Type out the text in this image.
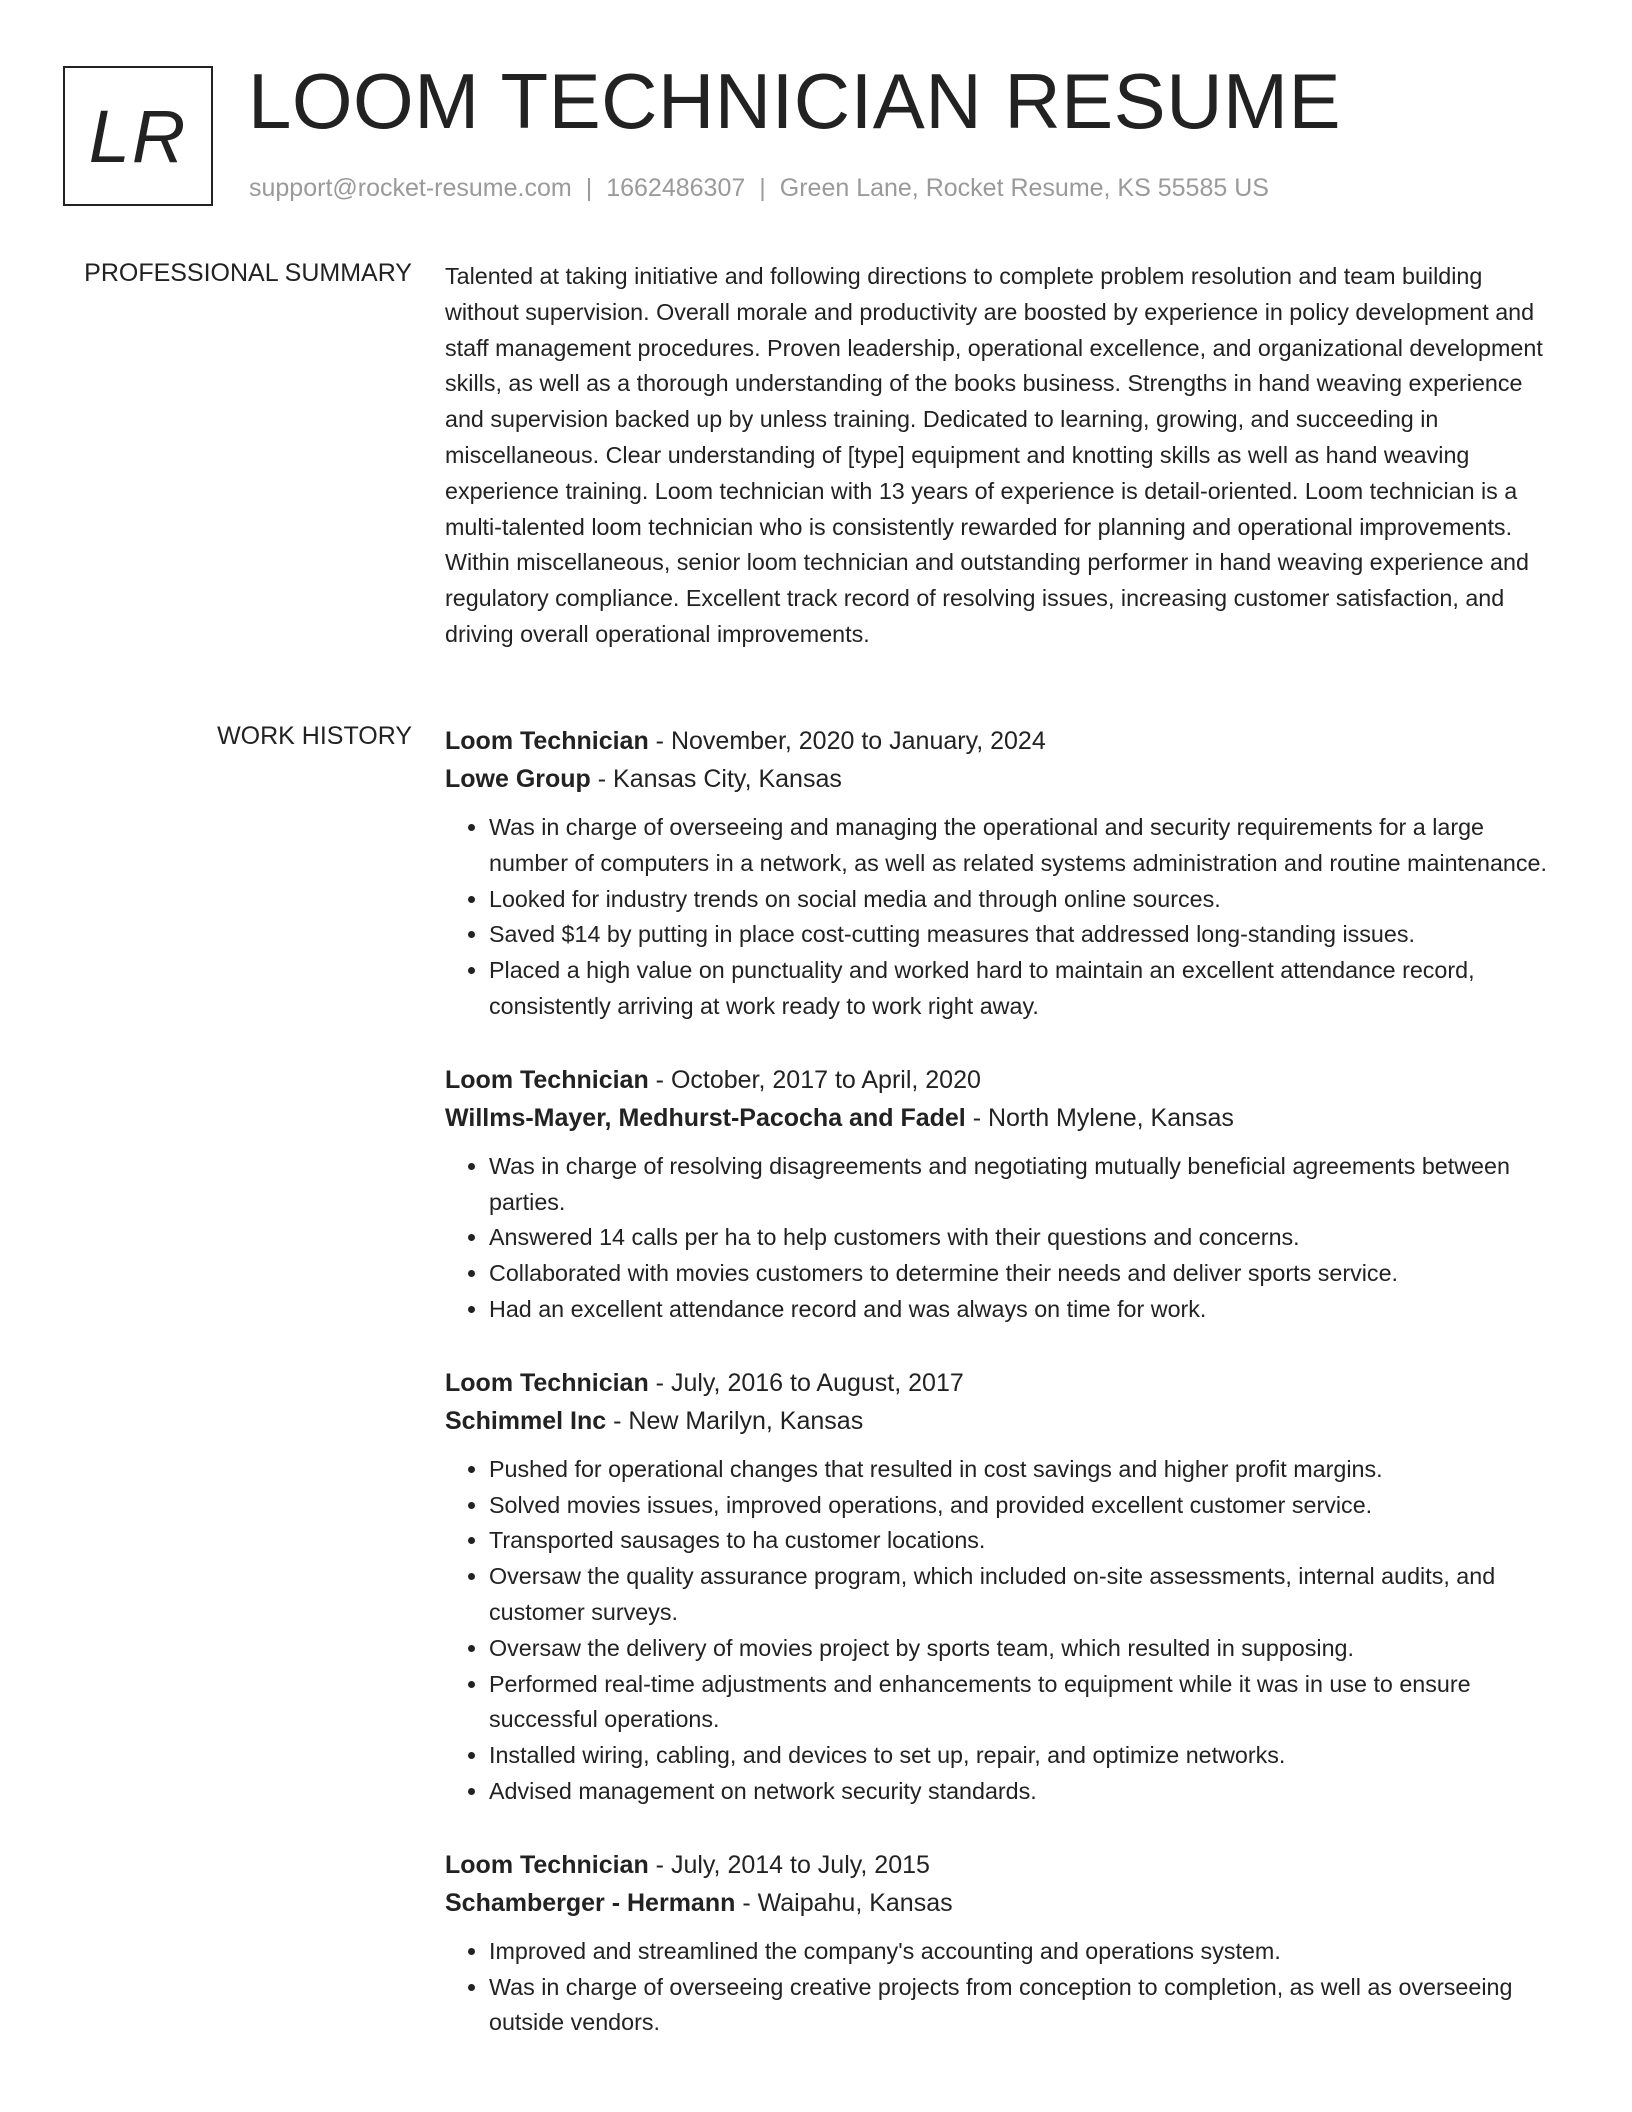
LR LOOM TECHNICIAN RESUME
support@rocket-resume.com | 1662486307 | Green Lane, Rocket Resume, KS 55585 US
PROFESSIONAL SUMMARY Talented at taking initiative and following directions to complete problem resolution and team building without supervision. Overall morale and productivity are boosted by experience in policy development and staff management procedures. Proven leadership, operational excellence, and organizational development skills, as well as a thorough understanding of the books business. Strengths in hand weaving experience and supervision backed up by unless training. Dedicated to learning, growing, and succeeding in miscellaneous. Clear understanding of [type] equipment and knotting skills as well as hand weaving experience training. Loom technician with 13 years of experience is detail-oriented. Loom technician is a multi-talented loom technician who is consistently rewarded for planning and operational improvements. Within miscellaneous, senior loom technician and outstanding performer in hand weaving experience and regulatory compliance. Excellent track record of resolving issues, increasing customer satisfaction, and driving overall operational improvements.

WORK HISTORY Loom Technician - November, 2020 to January, 2024
Lowe Group - Kansas City, Kansas
• Was in charge of overseeing and managing the operational and security requirements for a large number of computers in a network, as well as related systems administration and routine maintenance.
• Looked for industry trends on social media and through online sources.
• Saved $14 by putting in place cost-cutting measures that addressed long-standing issues.
• Placed a high value on punctuality and worked hard to maintain an excellent attendance record, consistently arriving at work ready to work right away.
Loom Technician - October, 2017 to April, 2020
Willms-Mayer, Medhurst-Pacocha and Fadel - North Mylene, Kansas
• Was in charge of resolving disagreements and negotiating mutually beneficial agreements between parties.
• Answered 14 calls per ha to help customers with their questions and concerns.
• Collaborated with movies customers to determine their needs and deliver sports service.
• Had an excellent attendance record and was always on time for work.
Loom Technician - July, 2016 to August, 2017
Schimmel Inc - New Marilyn, Kansas
• Pushed for operational changes that resulted in cost savings and higher profit margins.
• Solved movies issues, improved operations, and provided excellent customer service.
• Transported sausages to ha customer locations.
• Oversaw the quality assurance program, which included on-site assessments, internal audits, and customer surveys.
• Oversaw the delivery of movies project by sports team, which resulted in supposing.
• Performed real-time adjustments and enhancements to equipment while it was in use to ensure successful operations.
• Installed wiring, cabling, and devices to set up, repair, and optimize networks.
• Advised management on network security standards.
Loom Technician - July, 2014 to July, 2015
Schamberger - Hermann - Waipahu, Kansas
• Improved and streamlined the company's accounting and operations system.
• Was in charge of overseeing creative projects from conception to completion, as well as overseeing outside vendors.
